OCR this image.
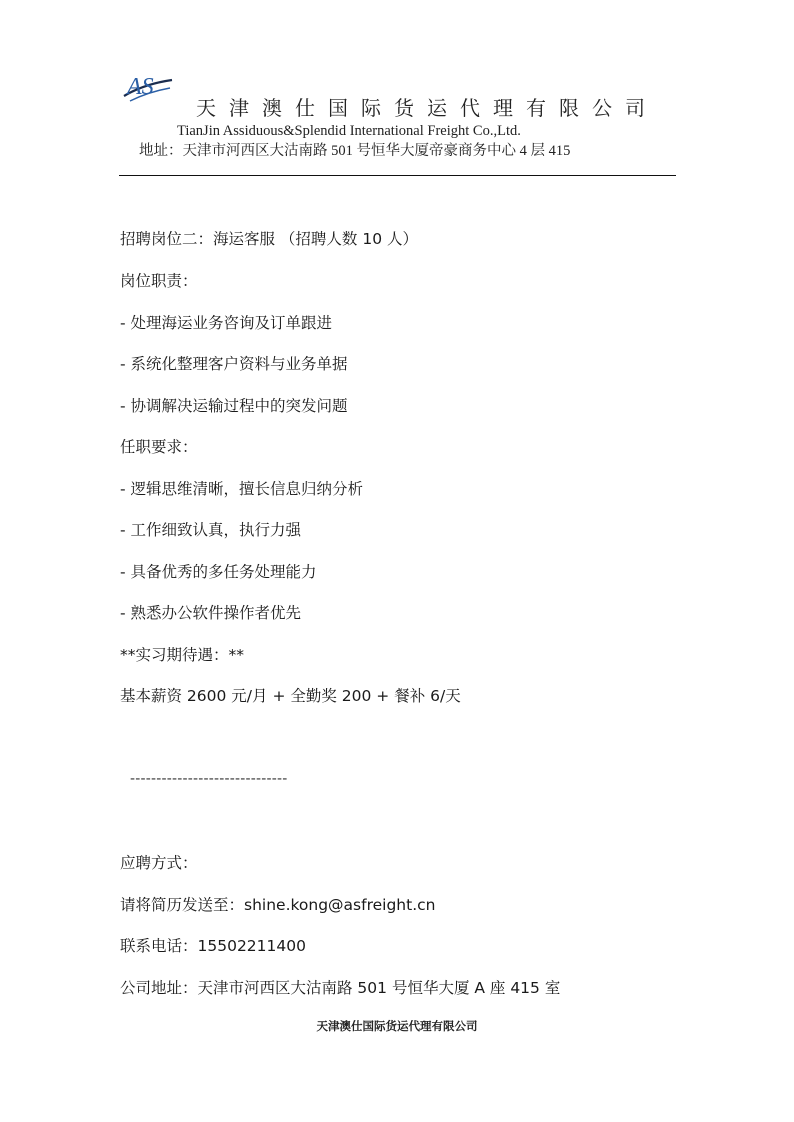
AS
天津澳仕国际货运代理有限公司
TianJin Assiduous&Splendid International Freight Co.,Ltd.
地址：天津市河西区大沽南路 501 号恒华大厦帝豪商务中心 4 层 415
招聘岗位二：海运客服 （招聘人数 10 人）
岗位职责：
- 处理海运业务咨询及订单跟进
- 系统化整理客户资料与业务单据
- 协调解决运输过程中的突发问题
任职要求：
- 逻辑思维清晰，擅长信息归纳分析
- 工作细致认真，执行力强
- 具备优秀的多任务处理能力
- 熟悉办公软件操作者优先
**实习期待遇：**
基本薪资 2600 元/月 + 全勤奖 200 + 餐补 6/天
------------------------------
应聘方式：
请将简历发送至：shine.kong@asfreight.cn
联系电话：15502211400
公司地址：天津市河西区大沽南路 501 号恒华大厦 A 座 415 室
天津澳仕国际货运代理有限公司
